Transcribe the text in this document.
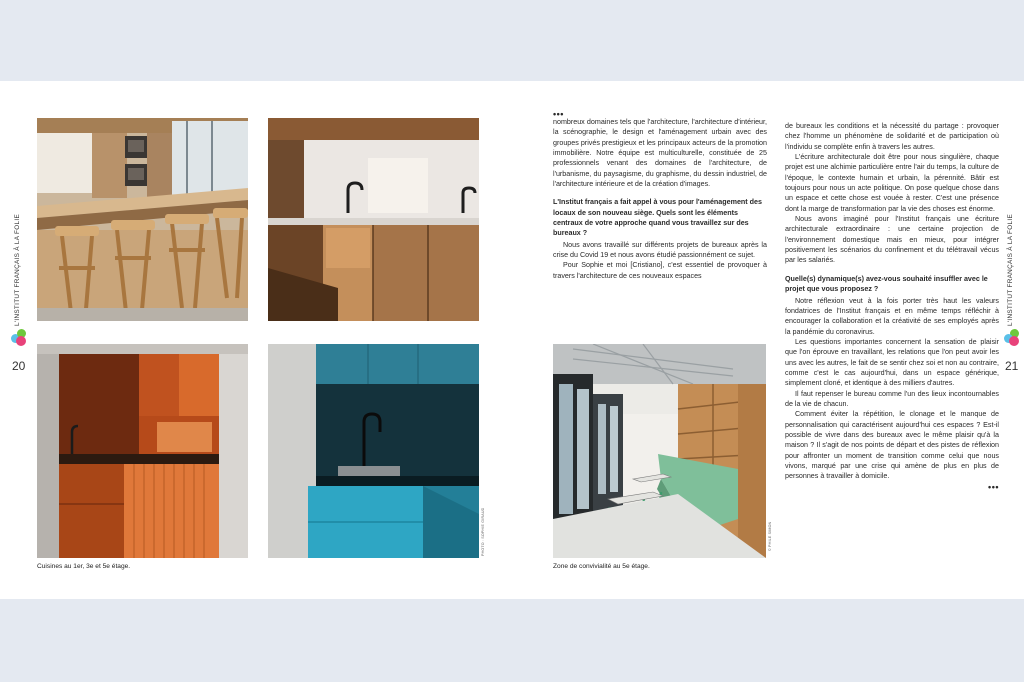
PHOTO : SOPHIE GIRAUD
Cuisines au 1er, 3e et 5e étage.
L'INSTITUT FRANÇAIS À LA FOLIE
20
•••

nombreux domaines tels que l'architecture, l'architecture d'intérieur, la scénographie, le design et l'aménagement urbain avec des groupes privés prestigieux et les principaux acteurs de la promotion immobilière. Notre équipe est multiculturelle, constituée de 25 professionnels venant des domaines de l'architecture, de l'urbanisme, du paysagisme, du graphisme, du dessin industriel, de l'architecture intérieure et de la création d'images.

L'Institut français a fait appel à vous pour l'aménagement des locaux de son nouveau siège. Quels sont les éléments centraux de votre approche quand vous travaillez sur des bureaux ?

Nous avons travaillé sur différents projets de bureaux après la crise du Covid 19 et nous avons étudié passionnément ce sujet.

Pour Sophie et moi [Cristiano], c'est essentiel de provoquer à travers l'architecture de ces nouveaux espaces

de bureaux les conditions et la nécessité du partage : provoquer chez l'homme un phénomène de solidarité et de participation où l'individu se complète enfin à travers les autres.

L'écriture architecturale doit être pour nous singulière, chaque projet est une alchimie particulière entre l'air du temps, la culture de l'époque, le contexte humain et urbain, la pérennité. Bâtir est toujours pour nous un acte politique. On pose quelque chose dans un espace et cette chose est vouée à rester. C'est une présence dont la marge de transformation par la vie des choses est énorme.

Nous avons imaginé pour l'Institut français une écriture architecturale extraordinaire : une certaine projection de l'environnement domestique mais en mieux, pour intégrer positivement les scénarios du confinement et du télétravail vécus par les salariés.

Quelle(s) dynamique(s) avez-vous souhaité insuffler avec le projet que vous proposez ?

Notre réflexion veut à la fois porter très haut les valeurs fondatrices de l'Institut français et en même temps réfléchir à encourager la collaboration et la créativité de ses employés après la pandémie du coronavirus.

Les questions importantes concernent la sensation de plaisir que l'on éprouve en travaillant, les relations que l'on peut avoir les uns avec les autres, le fait de se sentir chez soi et non au contraire, comme c'est le cas aujourd'hui, dans un espace générique, simplement cloné, et identique à des milliers d'autres.

Il faut repenser le bureau comme l'un des lieux incontournables de la vie de chacun.

Comment éviter la répétition, le clonage et le manque de personnalisation qui caractérisent aujourd'hui ces espaces ? Est-il possible de vivre dans des bureaux avec le même plaisir qu'à la maison ? Il s'agit de nos points de départ et des pistes de réflexion pour affronter un moment de transition comme celui que nous vivons, marqué par une crise qui amène de plus en plus de personnes à travailler à domicile.

•••
© PHILE SIMON
Zone de convivialité au 5e étage.
L'INSTITUT FRANÇAIS À LA FOLIE
21
